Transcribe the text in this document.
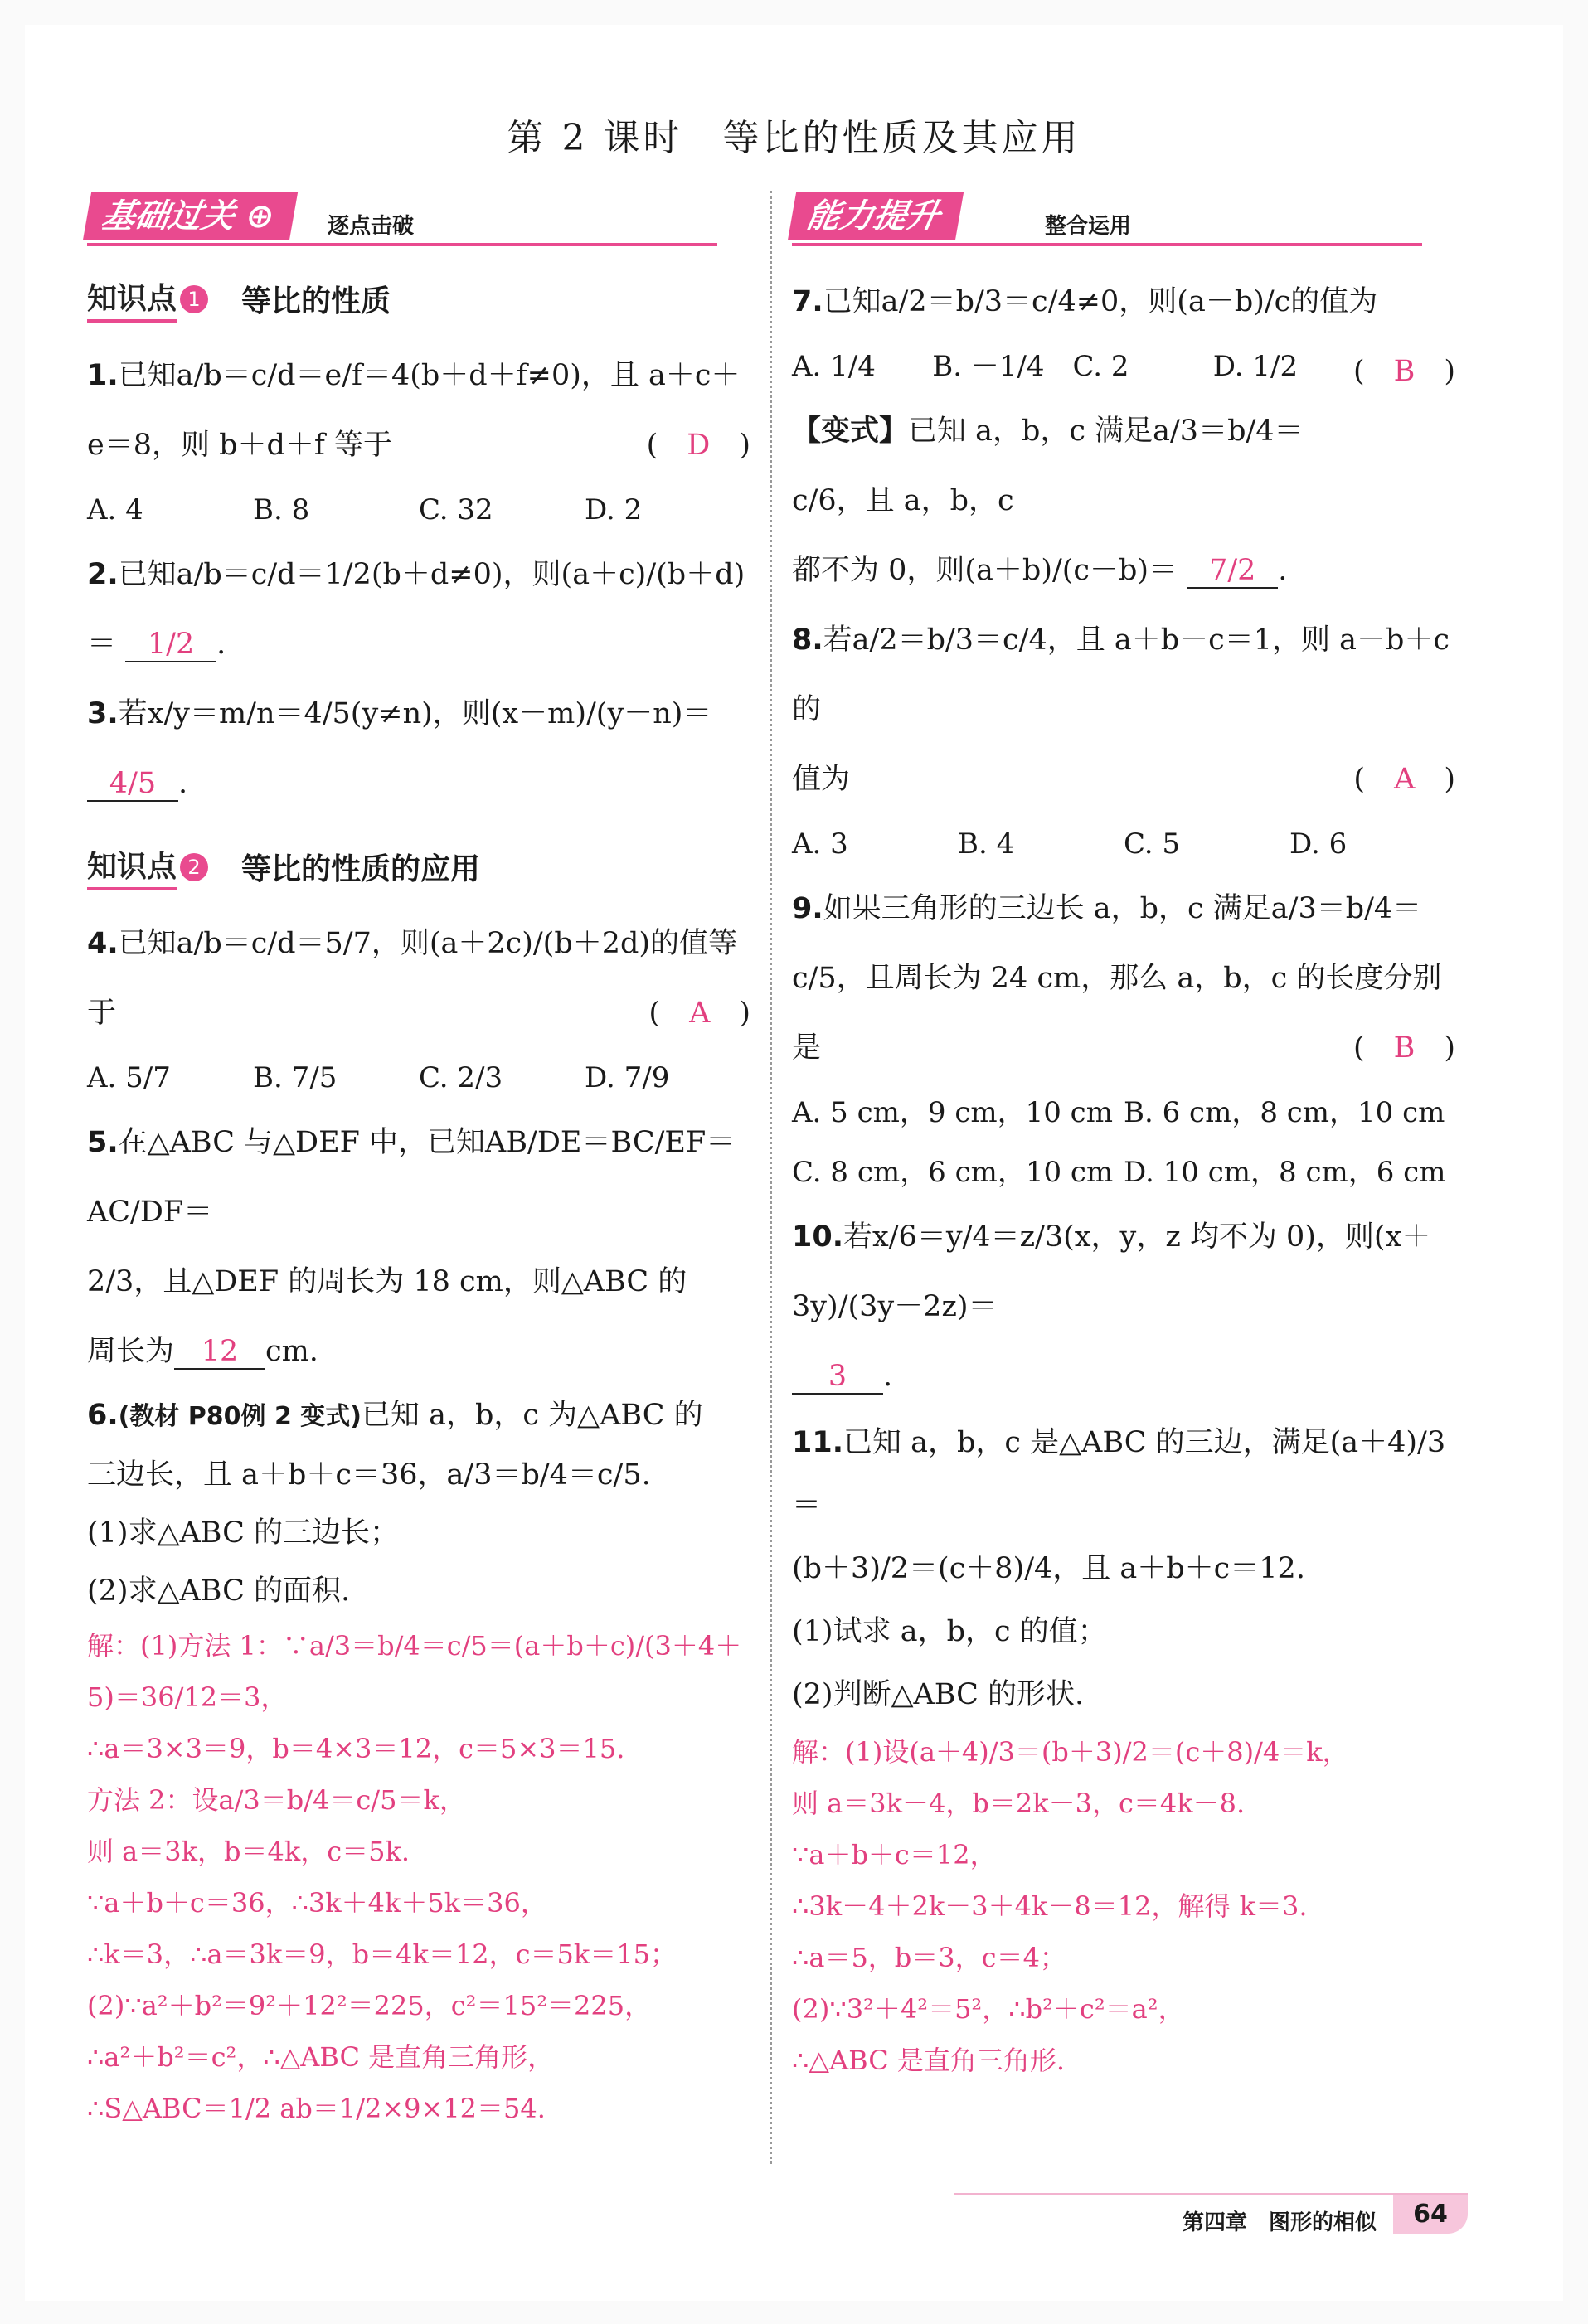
第 2 课时　等比的性质及其应用
基础过关 ⊕	逐点击破
知识点 1 等比的性质

1.已知a/b＝c/d＝e/f＝4(b＋d＋f≠0)，且 a＋c＋

e＝8，则 b＋d＋f 等于	(　D　)

A. 4	B. 8	C. 32	D. 2

2.已知a/b＝c/d＝1/2(b＋d≠0)，则(a＋c)/(b＋d)＝ 1/2 .

3.若x/y＝m/n＝4/5(y≠n)，则(x－m)/(y－n)＝ 4/5 .

知识点 2 等比的性质的应用

4.已知a/b＝c/d＝5/7，则(a＋2c)/(b＋2d)的值等于	(　A　)

A. 5/7	B. 7/5	C. 2/3	D. 7/9

5.在△ABC 与△DEF 中，已知AB/DE＝BC/EF＝AC/DF＝

2/3，且△DEF 的周长为 18 cm，则△ABC 的

周长为 12 cm.

6.(教材 P80例 2 变式)已知 a，b，c 为△ABC 的

三边长，且 a＋b＋c＝36，a/3＝b/4＝c/5.

(1)求△ABC 的三边长；

(2)求△ABC 的面积.

解：(1)方法 1：∵a/3＝b/4＝c/5＝(a＋b＋c)/(3＋4＋5)＝36/12＝3，

∴a＝3×3＝9，b＝4×3＝12，c＝5×3＝15.

方法 2：设a/3＝b/4＝c/5＝k，

则 a＝3k，b＝4k，c＝5k.

∵a＋b＋c＝36，∴3k＋4k＋5k＝36，

∴k＝3，∴a＝3k＝9，b＝4k＝12，c＝5k＝15；

(2)∵a²＋b²＝9²＋12²＝225，c²＝15²＝225，

∴a²＋b²＝c²，∴△ABC 是直角三角形，

∴S△ABC＝1/2 ab＝1/2×9×12＝54.

能力提升	整合运用

7.已知a/2＝b/3＝c/4≠0，则(a－b)/c的值为
(　B　)

A. 1/4	B. －1/4 C. 2	D. 1/2

【变式】已知 a，b，c 满足a/3＝b/4＝c/6，且 a，b，c

都不为 0，则(a＋b)/(c－b)＝ 7/2 .

8.若a/2＝b/3＝c/4，且 a＋b－c＝1，则 a－b＋c 的

值为	(　A　)

A. 3	B. 4	C. 5	D. 6

9.如果三角形的三边长 a，b，c 满足a/3＝b/4＝

c/5，且周长为 24 cm，那么 a，b，c 的长度分别

是	(　B　)

A. 5 cm，9 cm，10 cm B. 6 cm，8 cm，10 cm
C. 8 cm，6 cm，10 cm D. 10 cm，8 cm，6 cm

10.若x/6＝y/4＝z/3(x，y，z 均不为 0)，则(x＋3y)/(3y－2z)＝

3 .

11.已知 a，b，c 是△ABC 的三边，满足(a＋4)/3＝

(b＋3)/2＝(c＋8)/4，且 a＋b＋c＝12.

(1)试求 a，b，c 的值；

(2)判断△ABC 的形状.

解：(1)设(a＋4)/3＝(b＋3)/2＝(c＋8)/4＝k，

则 a＝3k－4，b＝2k－3，c＝4k－8.

∵a＋b＋c＝12，

∴3k－4＋2k－3＋4k－8＝12，解得 k＝3.

∴a＝5，b＝3，c＝4；

(2)∵3²＋4²＝5²，∴b²＋c²＝a²，

∴△ABC 是直角三角形.

第四章　图形的相似	64
